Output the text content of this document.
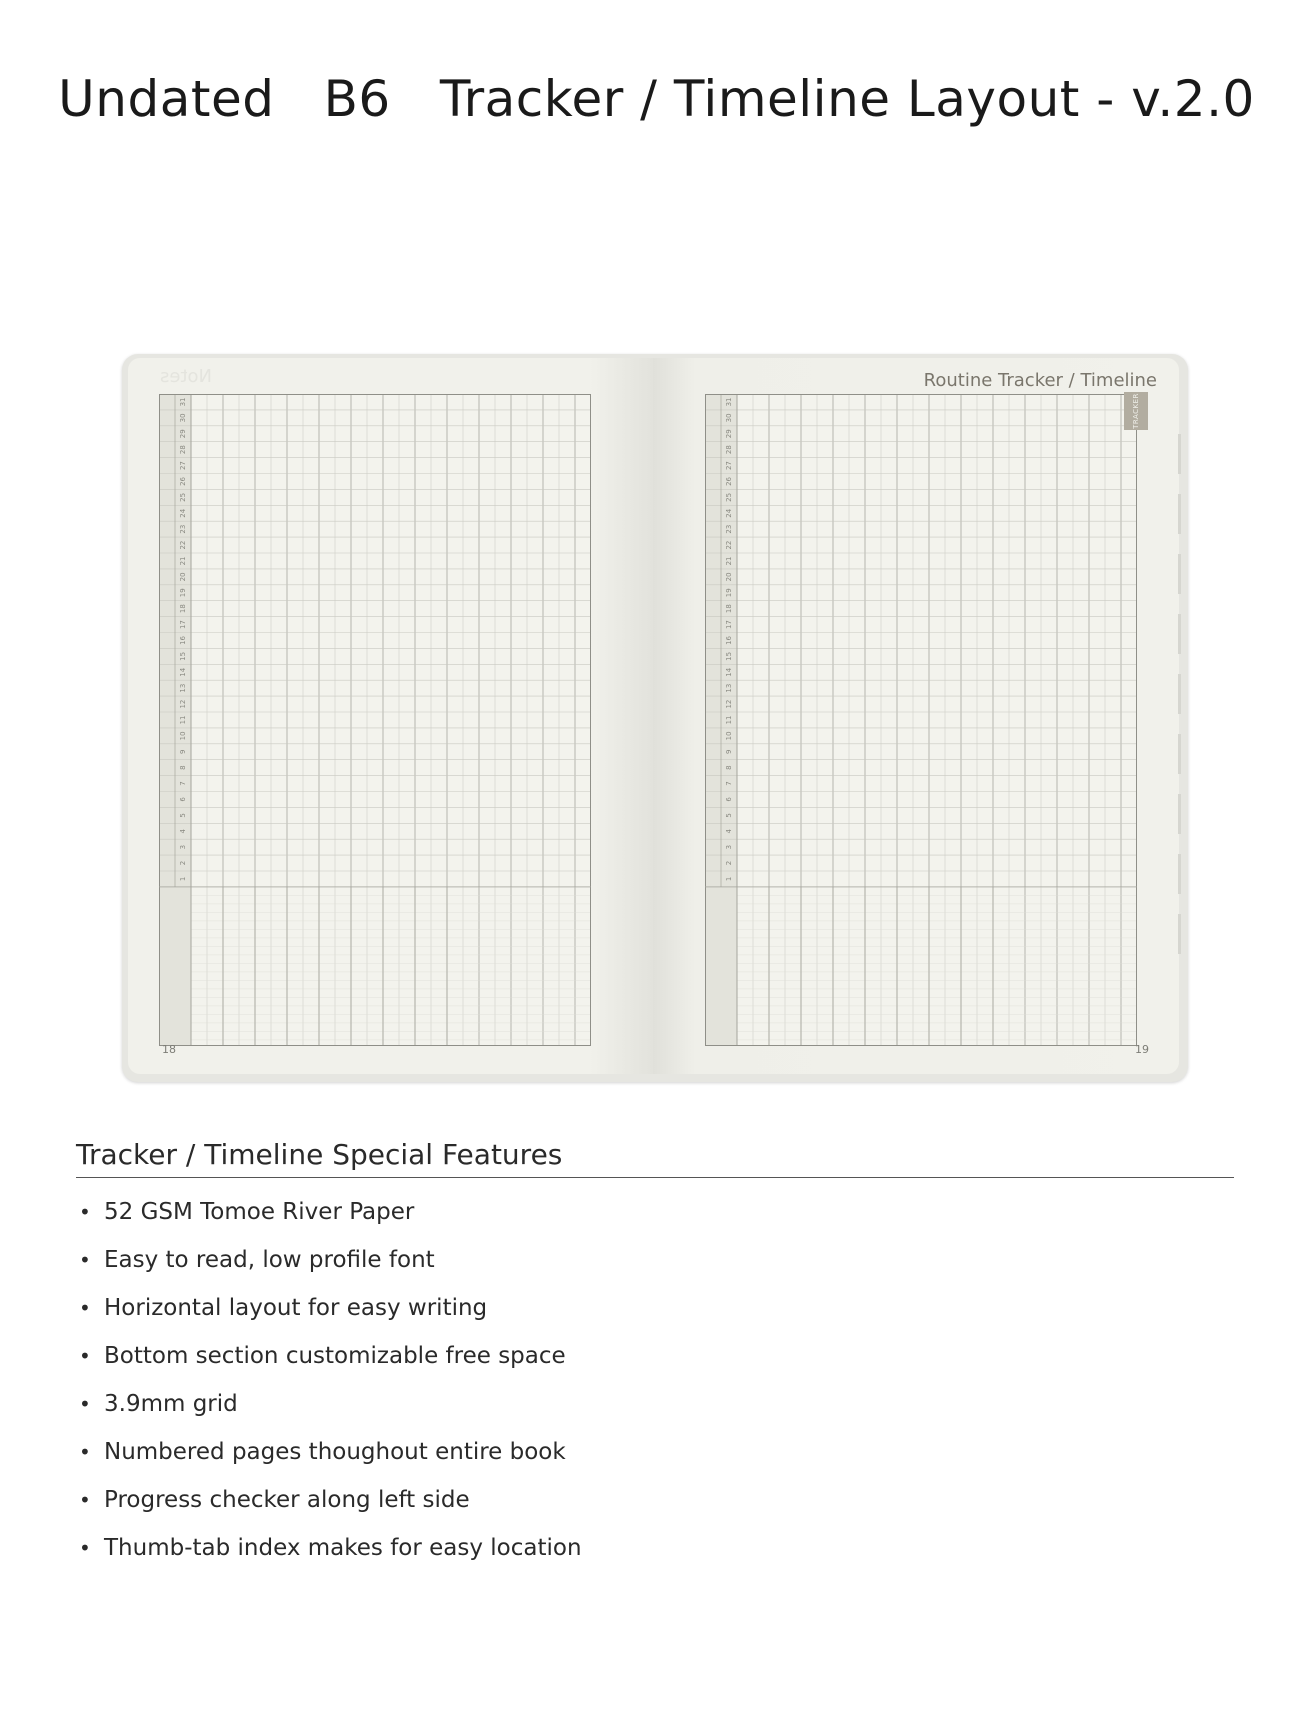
Undated   B6   Tracker / Timeline Layout - v.2.0
Notes
1
2
3
4
5
6
7
8
9
10
11
12
13
14
15
16
17
18
19
20
21
22
23
24
25
26
27
28
29
30
31
18
Routine Tracker / Timeline
1
2
3
4
5
6
7
8
9
10
11
12
13
14
15
16
17
18
19
20
21
22
23
24
25
26
27
28
29
30
31
19
TRACKER
Tracker / Timeline Special Features
• 52 GSM Tomoe River Paper
• Easy to read, low profile font
• Horizontal layout for easy writing
• Bottom section customizable free space
• 3.9mm grid
• Numbered pages thoughout entire book
• Progress checker along left side
• Thumb-tab index makes for easy location
